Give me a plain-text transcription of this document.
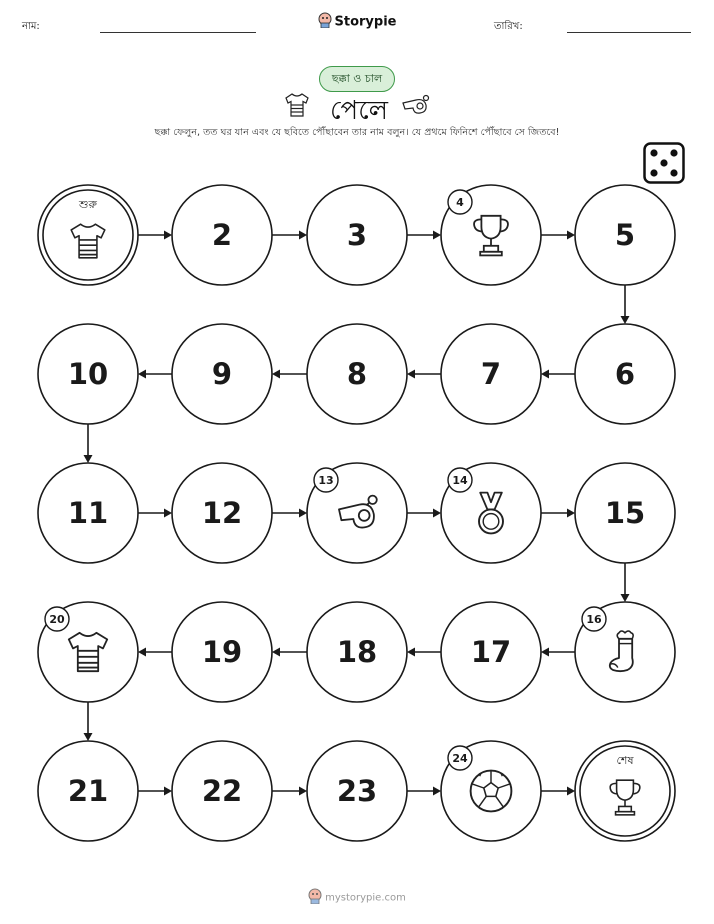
নাম:	Storypie	তারিখ:
ছক্কা ও চাল
পেলে
ছক্কা ফেলুন, তত ঘর যান এবং যে ছবিতে পৌঁছাবেন তার নাম বলুন। যে প্রথমে ফিনিশে পৌঁছাবে সে জিতবে!
শুরু
2	3
4
5
6
7
8
9
10
11	12
13	14
15
16
17
18
19
20
21	22	23
24	শেষ
mystorypie.com
